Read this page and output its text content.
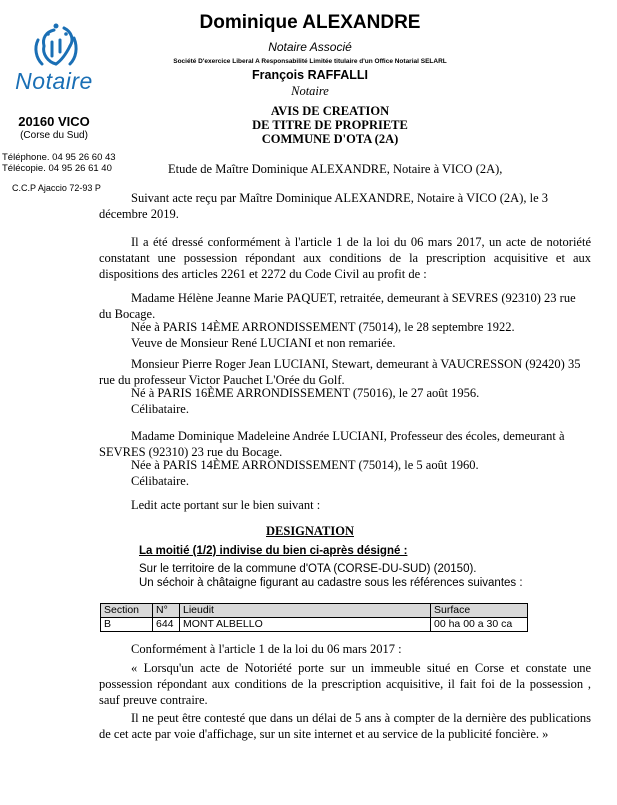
Notaire
20160 VICO
(Corse du Sud)
Téléphone. 04 95 26 60 43
Télécopie. 04 95 26 61 40
C.C.P Ajaccio 72-93 P
Dominique ALEXANDRE
Notaire Associé
Société D'exercice Liberal A Responsabilité Limitée titulaire d'un Office Notarial SELARL
François RAFFALLI
Notaire
AVIS DE CREATION
DE TITRE DE PROPRIETE
COMMUNE D'OTA (2A)

Etude de Maître Dominique ALEXANDRE, Notaire à VICO (2A),

Suivant acte reçu par Maître Dominique ALEXANDRE, Notaire à VICO (2A), le 3 décembre 2019.

Il a été dressé conformément à l'article 1 de la loi du 06 mars 2017, un acte de notoriété constatant une possession répondant aux conditions de la prescription acquisitive et aux dispositions des articles 2261 et 2272 du Code Civil au profit de :

Madame Hélène Jeanne Marie PAQUET, retraitée, demeurant à SEVRES (92310) 23 rue du Bocage.

Née à PARIS 14ÈME ARRONDISSEMENT (75014), le 28 septembre 1922.

Veuve de Monsieur René LUCIANI et non remariée.

Monsieur Pierre Roger Jean LUCIANI, Stewart, demeurant à VAUCRESSON (92420) 35 rue du professeur Victor Pauchet L'Orée du Golf.

Né à PARIS 16ÈME ARRONDISSEMENT (75016), le 27 août 1956.

Célibataire.

Madame Dominique Madeleine Andrée LUCIANI, Professeur des écoles, demeurant à SEVRES (92310) 23 rue du Bocage.

Née à PARIS 14ÈME ARRONDISSEMENT (75014), le 5 août 1960.

Célibataire.

Ledit acte portant sur le bien suivant :

DESIGNATION
La moitié (1/2) indivise du bien ci-après désigné :
Sur le territoire de la commune d'OTA (CORSE-DU-SUD) (20150).
Un séchoir à châtaigne figurant au cadastre sous les références suivantes :
Section	N°	Lieudit	Surface
B	644	MONT ALBELLO	00 ha 00 a 30 ca

Conformément à l'article 1 de la loi du 06 mars 2017 :

« Lorsqu'un acte de Notoriété porte sur un immeuble situé en Corse et constate une possession répondant aux conditions de la prescription acquisitive, il fait foi de la possession , sauf preuve contraire.

Il ne peut être contesté que dans un délai de 5 ans à compter de la dernière des publications de cet acte par voie d'affichage, sur un site internet et au service de la publicité foncière. »
